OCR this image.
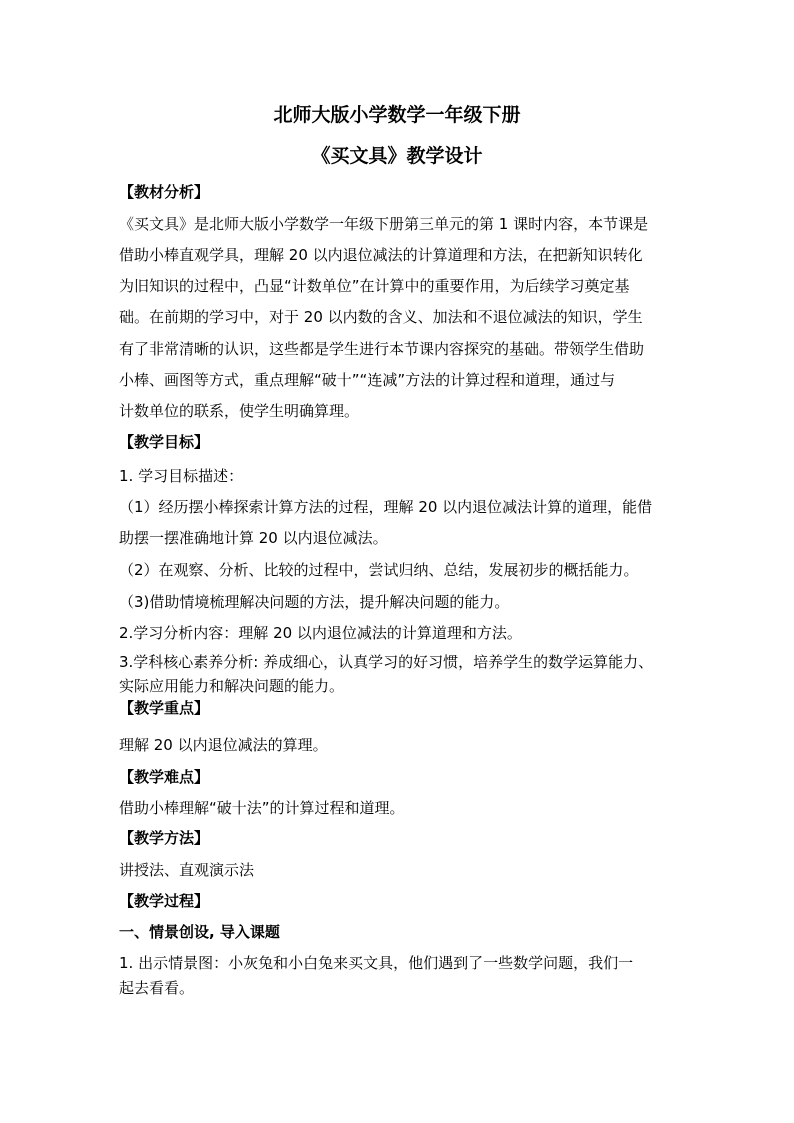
北师大版小学数学一年级下册
《买文具》教学设计
【教材分析】
《买文具》是北师大版小学数学一年级下册第三单元的第 1 课时内容，本节课是
借助小棒直观学具，理解 20 以内退位减法的计算道理和方法，在把新知识转化
为旧知识的过程中，凸显“计数单位”在计算中的重要作用，为后续学习奠定基
础。在前期的学习中，对于 20 以内数的含义、加法和不退位减法的知识，学生
有了非常清晰的认识，这些都是学生进行本节课内容探究的基础。带领学生借助
小棒、画图等方式，重点理解“破十”“连减”方法的计算过程和道理，通过与
计数单位的联系，使学生明确算理。
【教学目标】
1. 学习目标描述：
（1）经历摆小棒探索计算方法的过程，理解 20 以内退位减法计算的道理，能借
助摆一摆准确地计算 20 以内退位减法。
（2）在观察、分析、比较的过程中，尝试归纳、总结，发展初步的概括能力。
（3)借助情境梳理解决问题的方法，提升解决问题的能力。
2.学习分析内容：理解 20 以内退位减法的计算道理和方法。
3.学科核心素养分析: 养成细心，认真学习的好习惯，培养学生的数学运算能力、
实际应用能力和解决问题的能力。
【教学重点】
理解 20 以内退位减法的算理。
【教学难点】
借助小棒理解“破十法”的计算过程和道理。
【教学方法】
讲授法、直观演示法
【教学过程】
一、情景创设, 导入课题
1. 出示情景图：小灰兔和小白兔来买文具，他们遇到了一些数学问题，我们一
起去看看。
